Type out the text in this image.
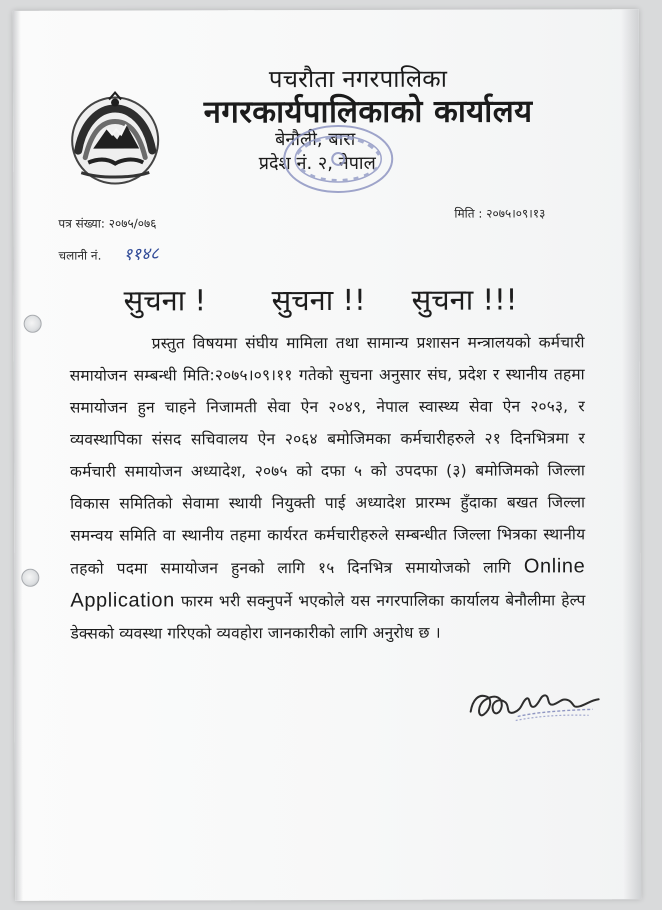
पचरौता नगरपालिका
नगरकार्यपालिकाको कार्यालय
बेनौली, बारा
प्रदेश नं. २, नेपाल
पत्र संख्या: २०७५/०७६
चलानी नं. ११४८
मिति : २०७५।०९।१३
सुचना ! सुचना !! सुचना !!!
प्रस्तुत विषयमा संघीय मामिला तथा सामान्य प्रशासन मन्त्रालयको कर्मचारी समायोजन सम्बन्धी मिति:२०७५।०९।११ गतेको सुचना अनुसार संघ, प्रदेश र स्थानीय तहमा समायोजन हुन चाहने निजामती सेवा ऐन २०४९, नेपाल स्वास्थ्य सेवा ऐन २०५३, र व्यवस्थापिका संसद सचिवालय ऐन २०६४ बमोजिमका कर्मचारीहरुले २१ दिनभित्रमा र कर्मचारी समायोजन अध्यादेश, २०७५ को दफा ५ को उपदफा (३) बमोजिमको जिल्ला विकास समितिको सेवामा स्थायी नियुक्ती पाई अध्यादेश प्रारम्भ हुँदाका बखत जिल्ला समन्वय समिति वा स्थानीय तहमा कार्यरत कर्मचारीहरुले सम्बन्धीत जिल्ला भित्रका स्थानीय तहको पदमा समायोजन हुनको लागि १५ दिनभित्र समायोजको लागि Online Application फारम भरी सक्नुपर्ने भएकोले यस नगरपालिका कार्यालय बेनौलीमा हेल्प डेक्सको व्यवस्था गरिएको व्यवहोरा जानकारीको लागि अनुरोध छ ।
